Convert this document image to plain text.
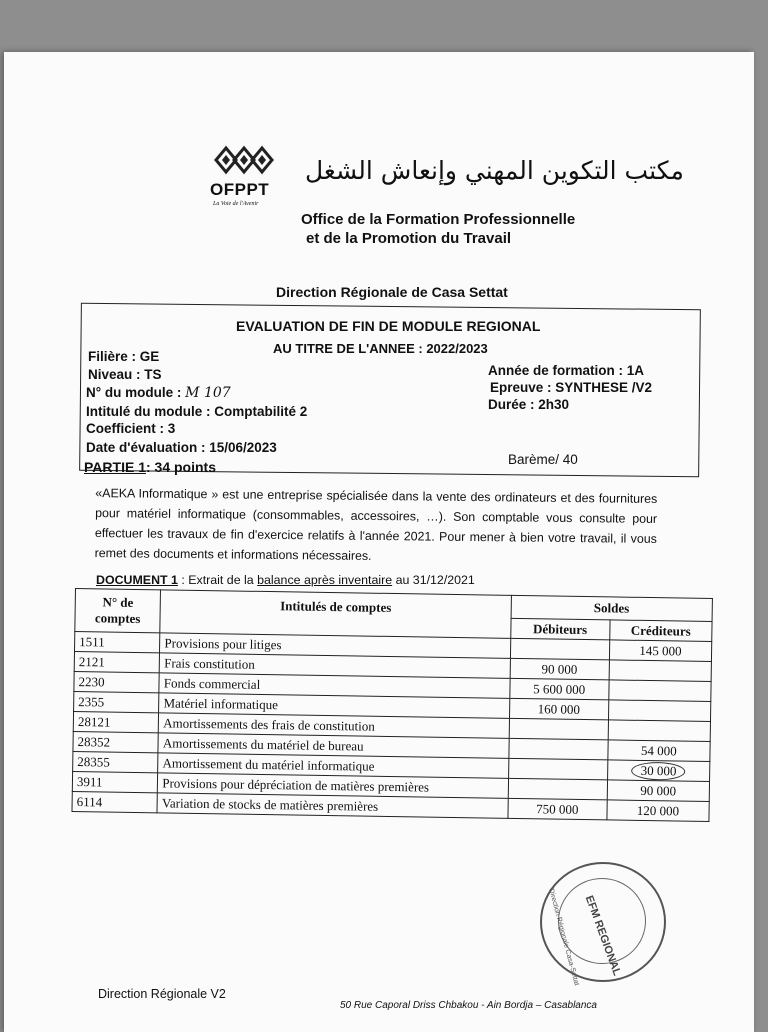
OFPPT
La Voie de l'Avenir
مكتب التكوين المهني وإنعاش الشغل
Office de la Formation Professionnelle
et de la Promotion du Travail
Direction Régionale de Casa Settat
EVALUATION DE FIN DE MODULE REGIONAL
AU TITRE DE L'ANNEE : 2022/2023
Filière : GE
Niveau : TS
N° du module : M 107
Intitulé du module : Comptabilité 2
Coefficient : 3
Date d'évaluation : 15/06/2023
Année de formation : 1A
Epreuve : SYNTHESE /V2
Durée : 2h30
Barème/ 40
PARTIE 1: 34 points
«AEKA Informatique » est une entreprise spécialisée dans la vente des ordinateurs et des fournitures pour matériel informatique (consommables, accessoires, …). Son comptable vous consulte pour effectuer les travaux de fin d'exercice relatifs à l'année 2021. Pour mener à bien votre travail, il vous remet des documents et informations nécessaires.
DOCUMENT 1 : Extrait de la balance après inventaire au 31/12/2021
N° de comptes	Intitulés de comptes	Soldes	
		Débiteurs	Créditeurs
1511	Provisions pour litiges		145 000
2121	Frais constitution	90 000	
2230	Fonds commercial	5 600 000	
2355	Matériel informatique	160 000	
28121	Amortissements des frais de constitution		
28352	Amortissements du matériel de bureau		54 000
28355	Amortissement du matériel informatique		30 000
3911	Provisions pour dépréciation de matières premières		90 000
6114	Variation de stocks de matières premières	750 000	120 000
EFM REGIONAL
Direction Régionale Casa-Settat
Direction Régionale V2
50 Rue Caporal Driss Chbakou - Ain Bordja – Casablanca
